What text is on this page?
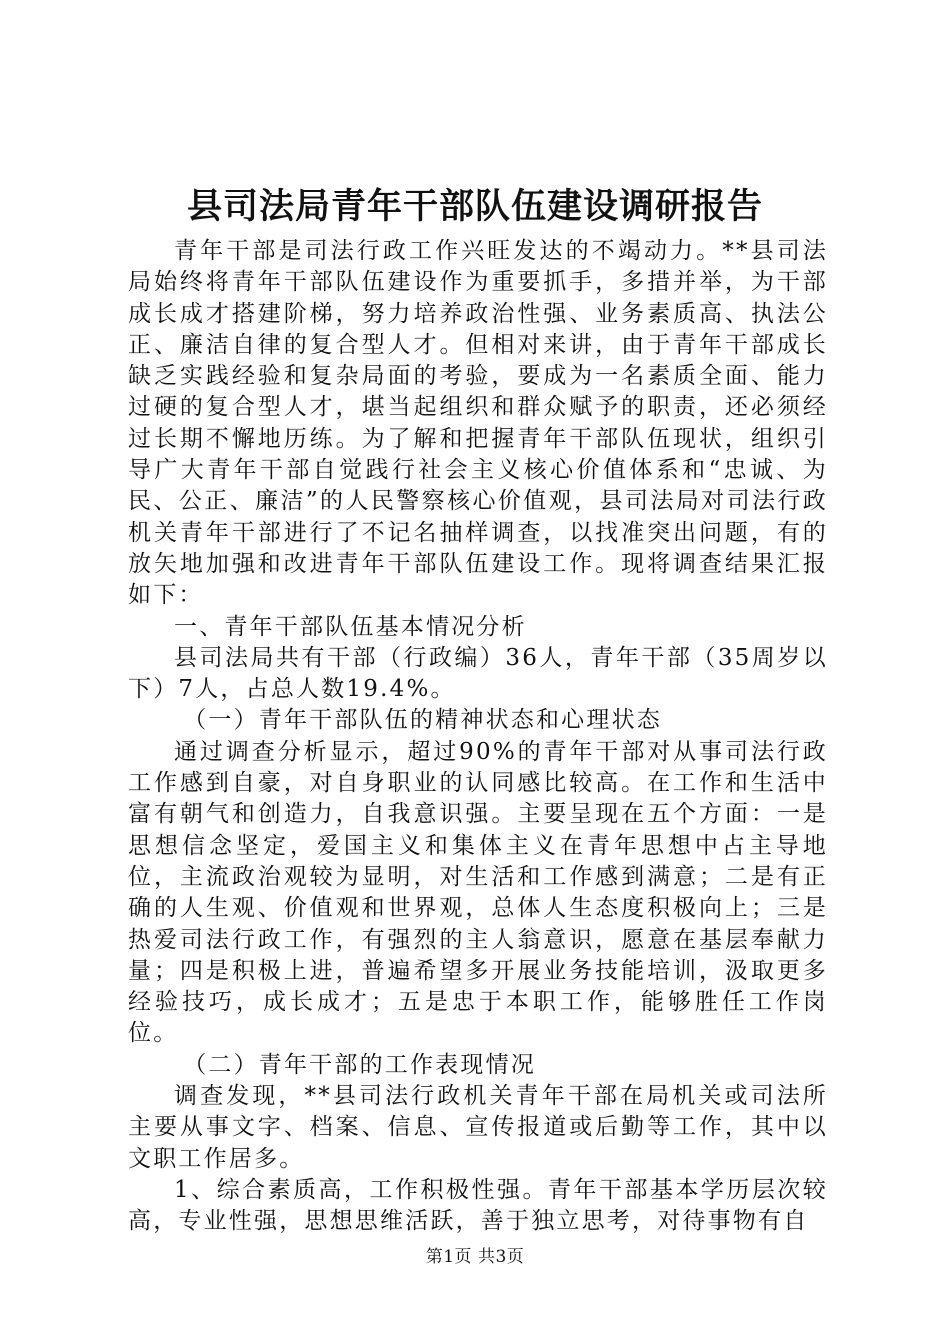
县司法局青年干部队伍建设调研报告

青年干部是司法行政工作兴旺发达的不竭动力。**县司法局始终将青年干部队伍建设作为重要抓手，多措并举，为干部成长成才搭建阶梯，努力培养政治性强、业务素质高、执法公正、廉洁自律的复合型人才。但相对来讲，由于青年干部成长缺乏实践经验和复杂局面的考验，要成为一名素质全面、能力过硬的复合型人才，堪当起组织和群众赋予的职责，还必须经过长期不懈地历练。为了解和把握青年干部队伍现状，组织引导广大青年干部自觉践行社会主义核心价值体系和“忠诚、为民、公正、廉洁”的人民警察核心价值观，县司法局对司法行政机关青年干部进行了不记名抽样调查，以找准突出问题，有的放矢地加强和改进青年干部队伍建设工作。现将调查结果汇报如下：

一、青年干部队伍基本情况分析

县司法局共有干部（行政编）36人，青年干部（35周岁以下）7人，占总人数19.4%。

（一）青年干部队伍的精神状态和心理状态

通过调查分析显示，超过90%的青年干部对从事司法行政工作感到自豪，对自身职业的认同感比较高。在工作和生活中富有朝气和创造力，自我意识强。主要呈现在五个方面：一是思想信念坚定，爱国主义和集体主义在青年思想中占主导地位，主流政治观较为显明，对生活和工作感到满意；二是有正确的人生观、价值观和世界观，总体人生态度积极向上；三是热爱司法行政工作，有强烈的主人翁意识，愿意在基层奉献力量；四是积极上进，普遍希望多开展业务技能培训，汲取更多经验技巧，成长成才；五是忠于本职工作，能够胜任工作岗位。

（二）青年干部的工作表现情况

调查发现，**县司法行政机关青年干部在局机关或司法所主要从事文字、档案、信息、宣传报道或后勤等工作，其中以文职工作居多。

1、综合素质高，工作积极性强。青年干部基本学历层次较高，专业性强，思想思维活跃，善于独立思考，对待事物有自

第1页 共3页
